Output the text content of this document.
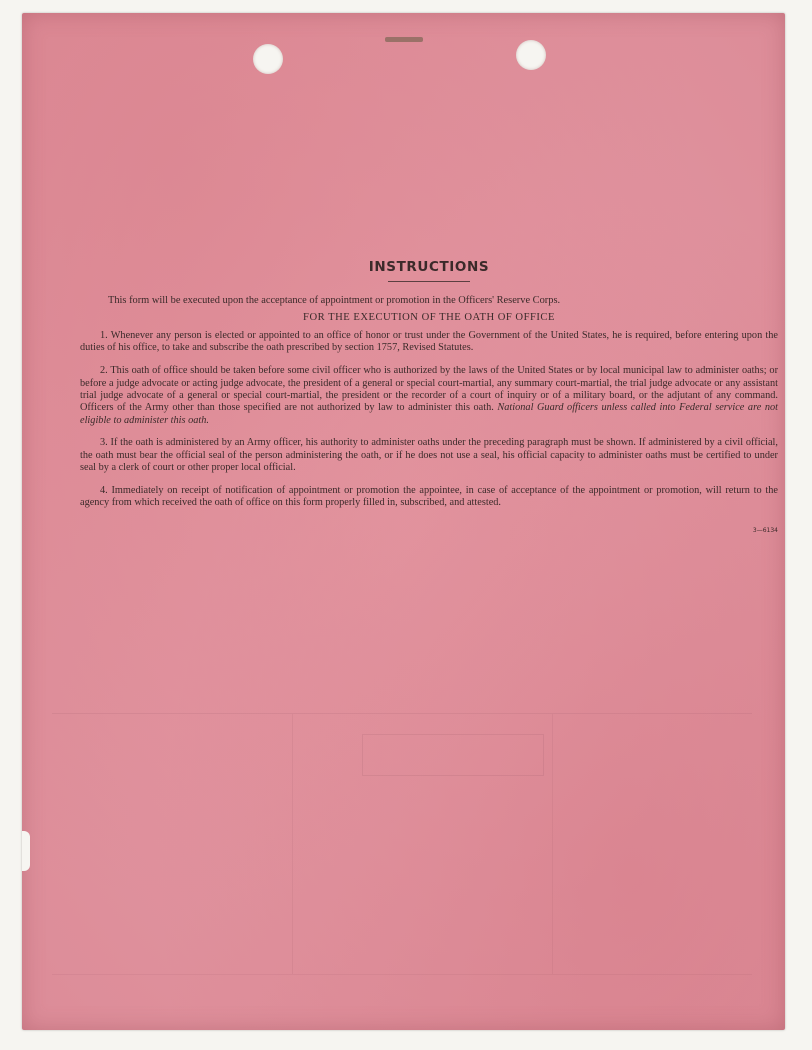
INSTRUCTIONS
This form will be executed upon the acceptance of appointment or promotion in the Officers' Reserve Corps.
FOR THE EXECUTION OF THE OATH OF OFFICE

1. Whenever any person is elected or appointed to an office of honor or trust under the Government of the United States, he is required, before entering upon the duties of his office, to take and subscribe the oath prescribed by section 1757, Revised Statutes.

2. This oath of office should be taken before some civil officer who is authorized by the laws of the United States or by local municipal law to administer oaths; or before a judge advocate or acting judge advocate, the president of a general or special court-martial, any summary court-martial, the trial judge advocate or any assistant trial judge advocate of a general or special court-martial, the president or the recorder of a court of inquiry or of a military board, or the adjutant of any command. Officers of the Army other than those specified are not authorized by law to administer this oath. National Guard officers unless called into Federal service are not eligible to administer this oath.

3. If the oath is administered by an Army officer, his authority to administer oaths under the preceding paragraph must be shown. If administered by a civil official, the oath must bear the official seal of the person administering the oath, or if he does not use a seal, his official capacity to administer oaths must be certified to under seal by a clerk of court or other proper local official.

4. Immediately on receipt of notification of appointment or promotion the appointee, in case of acceptance of the appointment or promotion, will return to the agency from which received the oath of office on this form properly filled in, subscribed, and attested.

3—6134
